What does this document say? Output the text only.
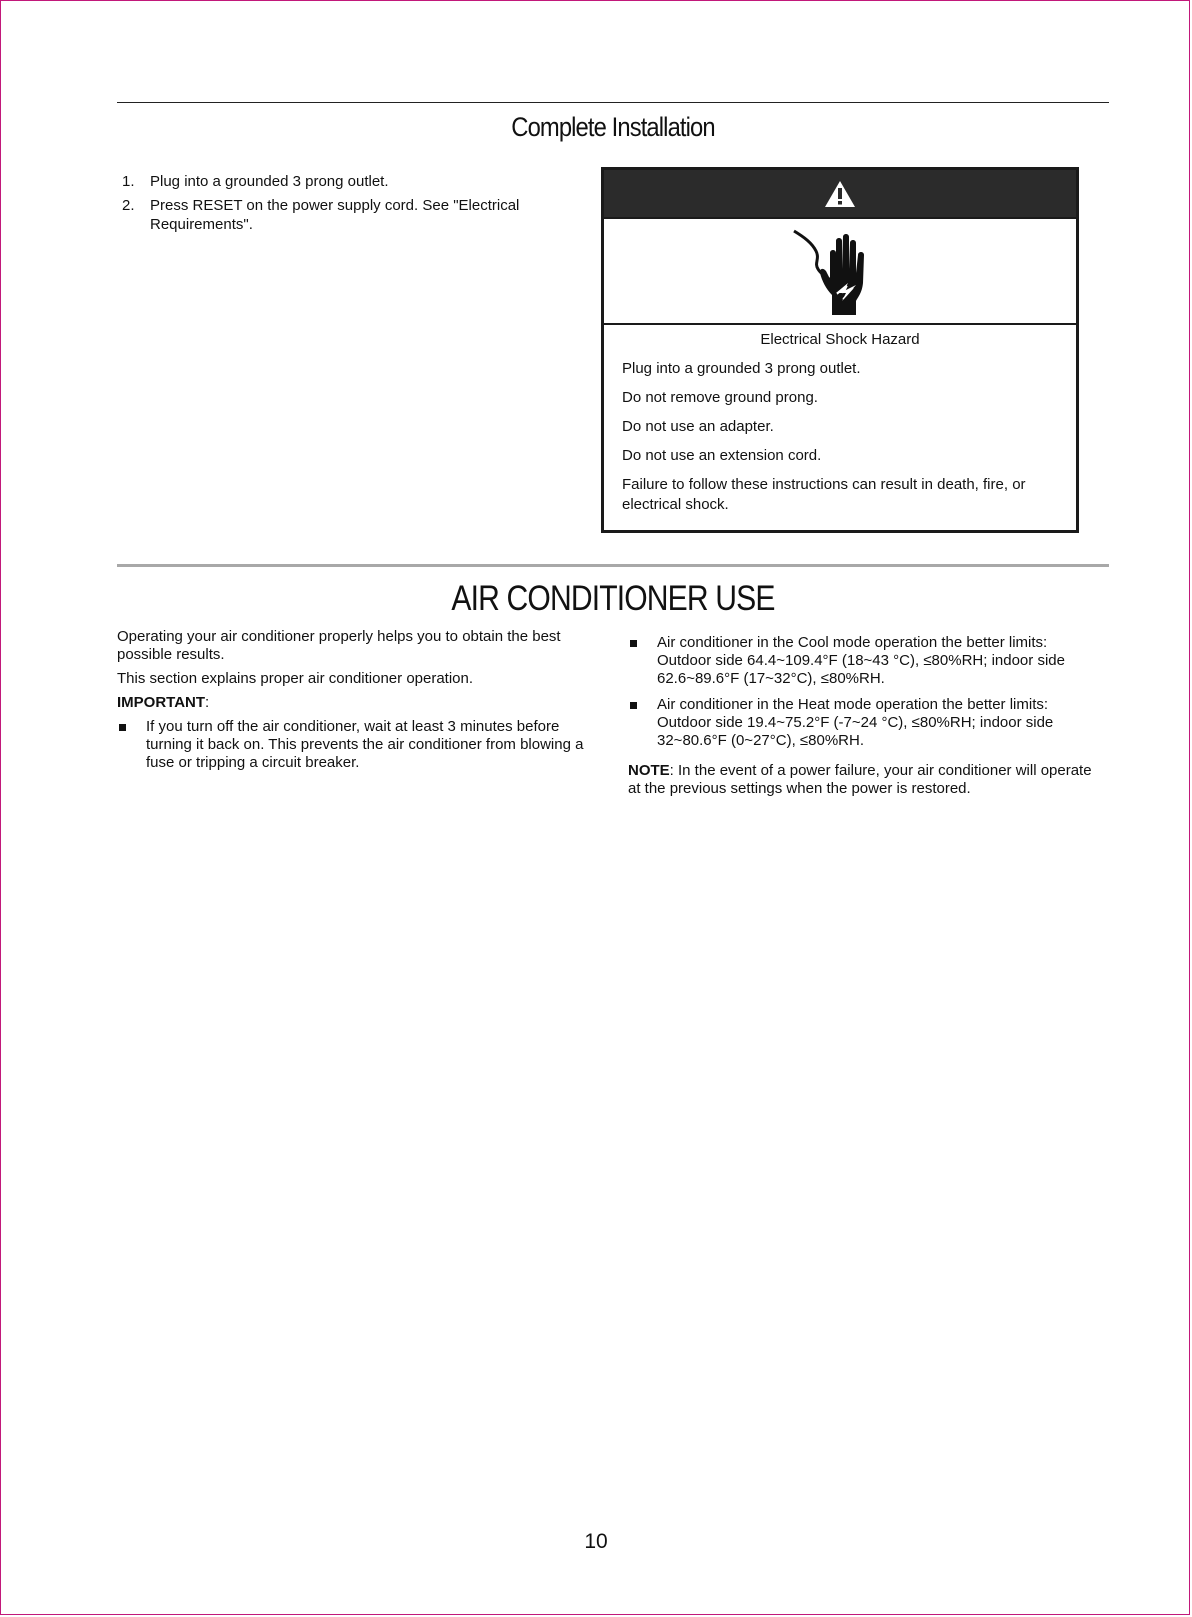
Complete Installation
1.	Plug into a grounded 3 prong outlet.
2.	Press RESET on the power supply cord. See "Electrical Requirements".
Electrical Shock Hazard
Plug into a grounded 3 prong outlet.
Do not remove ground prong.
Do not use an adapter.
Do not use an extension cord.
Failure to follow these instructions can result in death, fire, or electrical shock.
AIR CONDITIONER USE

Operating your air conditioner properly helps you to obtain the best possible results.

This section explains proper air conditioner operation.

IMPORTANT:

If you turn off the air conditioner, wait at least 3 minutes before turning it back on. This prevents the air conditioner from blowing a fuse or tripping a circuit breaker.
Air conditioner in the Cool mode operation the better limits: Outdoor side 64.4~109.4°F (18~43 °C), ≤80%RH; indoor side 62.6~89.6°F (17~32°C), ≤80%RH.
Air conditioner in the Heat mode operation the better limits: Outdoor side 19.4~75.2°F (-7~24 °C), ≤80%RH; indoor side 32~80.6°F (0~27°C), ≤80%RH.

NOTE: In the event of a power failure, your air conditioner will operate at the previous settings when the power is restored.

10
